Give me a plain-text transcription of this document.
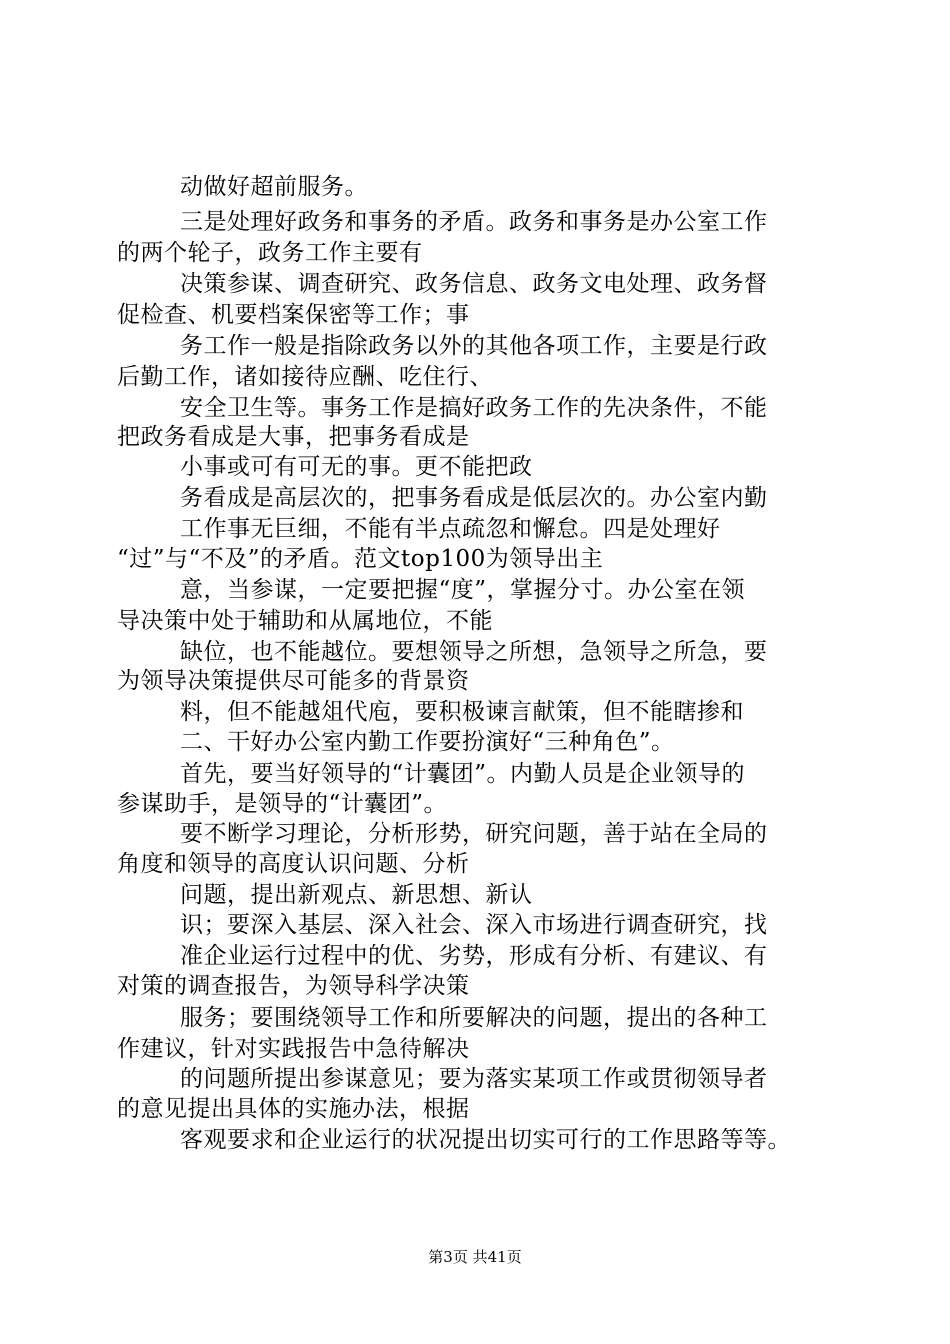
动做好超前服务。
三是处理好政务和事务的矛盾。政务和事务是办公室工作
的两个轮子，政务工作主要有
决策参谋、调查研究、政务信息、政务文电处理、政务督
促检查、机要档案保密等工作；事
务工作一般是指除政务以外的其他各项工作，主要是行政
后勤工作，诸如接待应酬、吃住行、
安全卫生等。事务工作是搞好政务工作的先决条件，不能
把政务看成是大事，把事务看成是
小事或可有可无的事。更不能把政
务看成是高层次的，把事务看成是低层次的。办公室内勤
工作事无巨细，不能有半点疏忽和懈怠。四是处理好
“过”与“不及”的矛盾。范文top100为领导出主
意，当参谋，一定要把握“度”，掌握分寸。办公室在领
导决策中处于辅助和从属地位，不能
缺位，也不能越位。要想领导之所想，急领导之所急，要
为领导决策提供尽可能多的背景资
料，但不能越俎代庖，要积极谏言献策，但不能瞎掺和
二、干好办公室内勤工作要扮演好“三种角色”。
首先，要当好领导的“计囊团”。内勤人员是企业领导的
参谋助手，是领导的“计囊团”。
要不断学习理论，分析形势，研究问题，善于站在全局的
角度和领导的高度认识问题、分析
问题，提出新观点、新思想、新认
识；要深入基层、深入社会、深入市场进行调查研究，找
准企业运行过程中的优、劣势，形成有分析、有建议、有
对策的调查报告，为领导科学决策
服务；要围绕领导工作和所要解决的问题，提出的各种工
作建议，针对实践报告中急待解决
的问题所提出参谋意见；要为落实某项工作或贯彻领导者
的意见提出具体的实施办法，根据
客观要求和企业运行的状况提出切实可行的工作思路等等。
第3页 共41页
